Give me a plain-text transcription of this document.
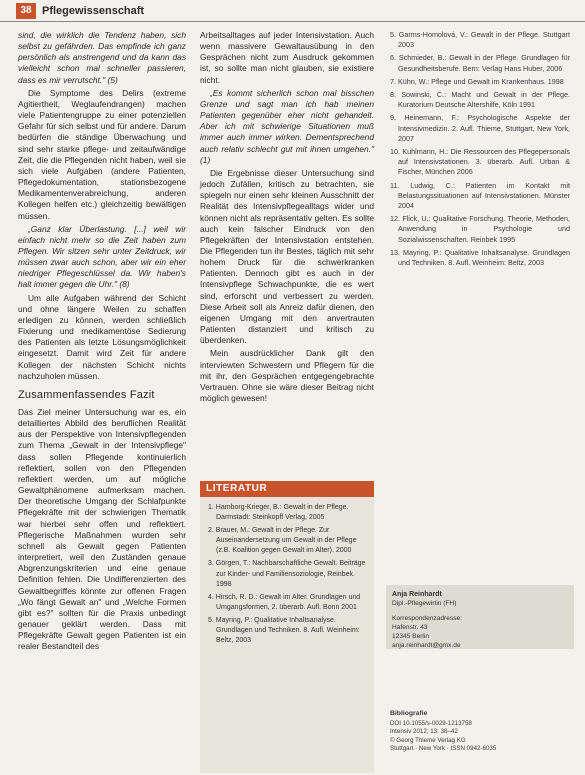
38 Pflegewissenschaft

sind, die wirklich die Tendenz haben, sich selbst zu gefährden. Das empfinde ich ganz persönlich als anstrengend und da kann das vielleicht schon mal schneller passieren, dass es mir verrutscht." (5)

Die Symptome des Delirs (extreme Agitiertheit, Weglaufendrangen) machen viele Patientengruppe zu einer potenziellen Gefahr für sich selbst und für andere. Darum bedürfen die ständige Überwachung und sind sehr starke pflege- und zeitaufwändige Zeit, die die Pflegenden nicht haben, weil sie sich viele Aufgaben (andere Patienten, Pflegedokumentation, stationsbezogene Medikamentenverabreichung, anderen Kollegen helfen etc.) gleichzeitig bewältigen müssen.

„Ganz klar Überlastung. [...] weil wir einfach nicht mehr so die Zeit haben zum Pflegen. Wir sitzen sehr unter Zeitdruck, wir müssen zwar auch schon, aber wir ein eher niedriger Pflegeschlüssel da. Wir haben's halt immer gegen die Uhr." (8)

Um alle Aufgaben während der Schicht und ohne längere Weilen zu schaffen erledigen zu können, werden schließlich Fixierung und medikamentöse Sedierung des Patienten als letzte Lösungsmöglichkeit eingesetzt. Damit wird Zeit für andere Kollegen der nächsten Schicht nichts nachzuholen müssen.

Zusammenfassendes Fazit

Das Ziel meiner Untersuchung war es, ein detailliertes Abbild des beruflichen Realität aus der Perspektive von Intensivpflegenden zum Thema „Gewalt in der Intensivpflege" dass sollen Pflegende kontinuierlich reflektiert, sollen von den Pflegenden reflektiert werden, um auf mögliche Gewaltphänomene aufmerksam machen. Der theoretische Umgang der Schlafpunkte Pflegekräfte mit der schwierigen Thematik war hierbei sehr offen und reflektiert. Pflegerische Maßnahmen wurden sehr schnell als Gewalt gegen Patienten interpretiert, weil den Zuständen genaue Abgrenzungskriterien und eine genaue Definition fehlen. Die Undifferenzierten des Gewaltbegriffes könnte zur offenen Fragen „Wo fängt Gewalt an" und „Welche Formen gibt es?" sollten für die Praxis unbedingt genauer geklärt werden. Dass mit Pflegekräfte Gewalt gegen Patienten ist ein realer Bestandteil des

Arbeitsalltages auf jeder Intensivstation. Auch wenn massivere Gewaltausübung in den Gesprächen nicht zum Ausdruck gekommen ist, so sollte man nicht glauben, sie existiere nicht.

„Es kommt sicherlich schon mal bisschen Grenze und sagt man ich hab meinen Patienten gegenüber eher nicht gehandelt. Aber ich mit schwierige Situationen muß immer auch immer wirken. Dementsprechend auch relativ schlecht gut mit ihnen umgehen." (1)

Die Ergebnisse dieser Untersuchung sind jedoch Zufällen, kritisch zu betrachten, sie spiegeln nur einen sehr kleinen Ausschnitt der Realität des Intensivpflegealltags wider und können nicht als repräsentativ gelten. Es sollte auch kein falscher Eindruck von den Pflegekräften der Intensivstation entstehen. Die Pflegenden tun ihr Bestes, täglich mit sehr hohem Druck für die schwerkranken Patienten. Dennoch gibt es auch in der Intensivpflege Schwachpunkte, die es wert sind, erforscht und verbessert zu werden. Diese Arbeit soll als Anreiz dafür dienen, den eigenen Umgang mit den anvertrauten Patienten distanziert und kritisch zu überdenken.

Mein ausdrücklicher Dank gilt den interviewten Schwestern und Pflegern für die mit ihr, den Gesprächen entgegengebrachte Vertrauen. Ohne sie wäre dieser Beitrag nicht möglich gewesen!

LITERATUR
1. Hamborg-Krieger, B.: Gewalt in der Pflege. Darmstadt: Steinkopff Verlag, 2005
2. Brauer, M.: Gewalt in der Pflege. Zur Auseinandersetzung um Gewalt in der Pflege (z.B. Koalition gegen Gewalt im Alter). 2000
3. Görgen, T.: Nachbarschaftliche Gewalt. Beiträge zur Kinder- und Familiensoziologie, Reinbek. 1998
4. Hirsch, R. D.: Gewalt im Alter. Grundlagen und Umgangsformen, 2. überarb. Aufl. Bonn 2001
5. Mayring, P.: Qualitative Inhaltsanalyse. Grundlagen und Techniken. 8. Aufl. Weinheim: Beltz, 2003
5. Garms-Homolová, V.: Gewalt in der Pflege. Stuttgart 2003
6. Schmieder, B.: Gewalt in der Pflege. Grundlagen für Gesundheitsberufe. Bern: Verlag Hans Huber, 2006
7. Kühn, W.: Pflege und Gewalt im Krankenhaus. 1998
8. Sowinski, C.: Macht und Gewalt in der Pflege. Kuratorium Deutsche Altershilfe, Köln 1991
9. Heinemann, F.: Psychologische Aspekte der Intensivmedizin. 2. Aufl. Thieme, Stuttgart, New York, 2007
10. Kuhlmann, H.: Die Ressourcen des Pflegepersonals auf Intensivstationen. 3. überarb. Aufl. Urban & Fischer, München 2006
11. Ludwig, C.: Patienten im Kontakt mit Belastungssituationen auf Intensivstationen. Münster 2004
12. Flick, U.: Qualitative Forschung. Theorie, Methoden, Anwendung in Psychologie und Sozialwissenschaften. Reinbek 1995
13. Mayring, P.: Qualitative Inhaltsanalyse. Grundlagen und Techniken. 8. Aufl. Weinheim: Beltz, 2003
Anja Reinhardt
Dipl.-Pflegewirtin (FH)
Korrespondenzadresse:
Hafenstr. 43
12345 Berlin
anja.reinhardt@gmx.de
Bibliografie
DOI 10.1055/s-0029-1213758
Intensiv 2012; 13: 38–42
© Georg Thieme Verlag KG
Stuttgart · New York · ISSN 0942-6035
